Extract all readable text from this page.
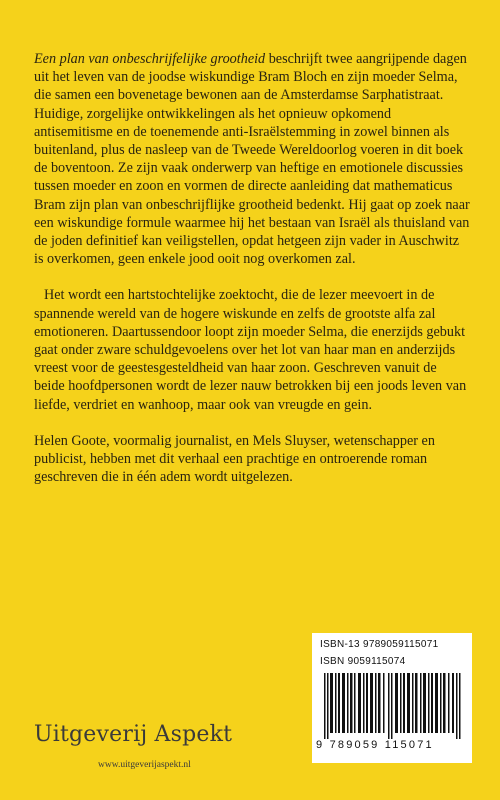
Een plan van onbeschrijfelijke grootheid beschrijft twee aangrijpende dagen uit het leven van de joodse wiskundige Bram Bloch en zijn moeder Selma, die samen een bovenetage bewonen aan de Amsterdamse Sarphatistraat. Huidige, zorgelijke ontwikkelingen als het opnieuw opkomend antisemitisme en de toenemende anti-Israëlstemming in zowel binnen als buitenland, plus de nasleep van de Tweede Wereldoorlog voeren in dit boek de boventoon. Ze zijn vaak onderwerp van heftige en emotionele discussies tussen moeder en zoon en vormen de directe aanleiding dat mathematicus Bram zijn plan van onbeschrijflijke grootheid bedenkt. Hij gaat op zoek naar een wiskundige formule waarmee hij het bestaan van Israël als thuisland van de joden definitief kan veiligstellen, opdat hetgeen zijn vader in Auschwitz is overkomen, geen enkele jood ooit nog overkomen zal.

Het wordt een hartstochtelijke zoektocht, die de lezer meevoert in de spannende wereld van de hogere wiskunde en zelfs de grootste alfa zal emotioneren. Daartussendoor loopt zijn moeder Selma, die enerzijds gebukt gaat onder zware schuldgevoelens over het lot van haar man en anderzijds vreest voor de geestesgesteldheid van haar zoon. Geschreven vanuit de beide hoofdpersonen wordt de lezer nauw betrokken bij een joods leven van liefde, verdriet en wanhoop, maar ook van vreugde en gein.

Helen Goote, voormalig journalist, en Mels Sluyser, wetenschapper en publicist, hebben met dit verhaal een prachtige en ontroerende roman geschreven die in één adem wordt uitgelezen.

ISBN-13 9789059115071
ISBN 9059115074
9 789059 115071
Uitgeverij Aspekt
www.uitgeverijaspekt.nl
